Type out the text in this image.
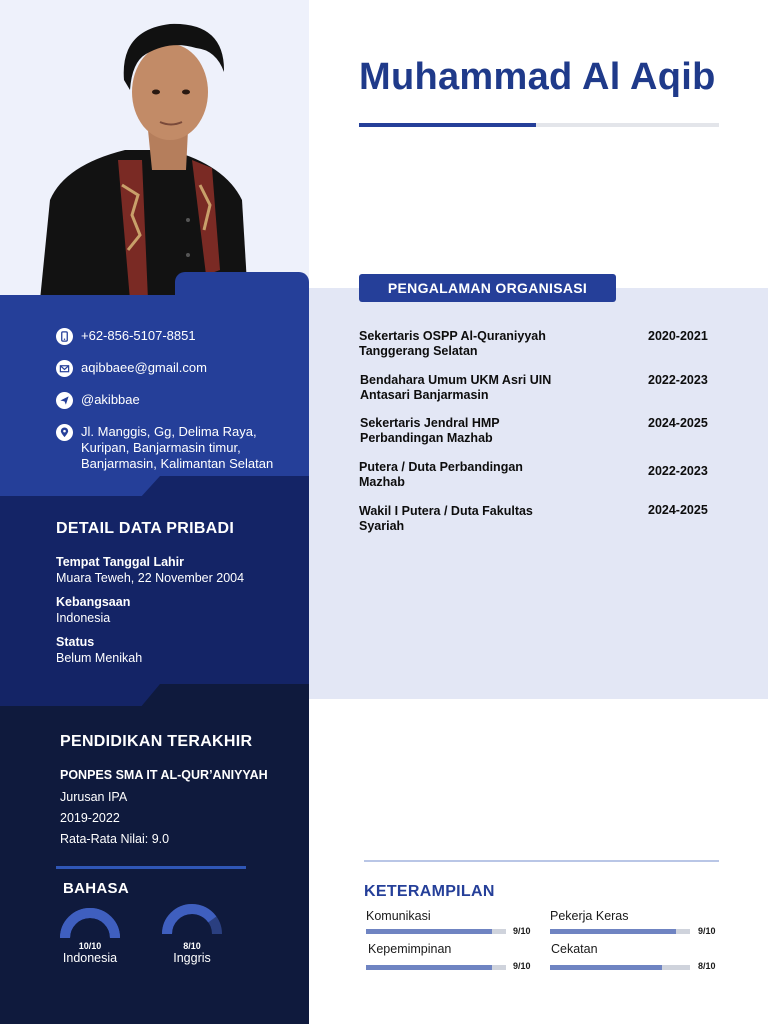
+62-856-5107-8851
aqibbaee@gmail.com
@akibbae
Jl. Manggis, Gg, Delima Raya,
Kuripan, Banjarmasin timur,
Banjarmasin, Kalimantan Selatan
DETAIL DATA PRIBADI
Tempat Tanggal Lahir
Muara Teweh, 22 November 2004
Kebangsaan
Indonesia
Status
Belum Menikah
PENDIDIKAN TERAKHIR
PONPES SMA IT AL-QUR’ANIYYAH
Jurusan IPA
2019-2022
Rata-Rata Nilai: 9.0
BAHASA
10/10
Indonesia
8/10
Inggris
Muhammad Al Aqib
PENGALAMAN ORGANISASI
Sekertaris OSPP Al-Quraniyyah Tanggerang Selatan
2020-2021
Bendahara Umum UKM Asri UIN Antasari Banjarmasin
2022-2023
Sekertaris Jendral HMP Perbandingan Mazhab
2024-2025
Putera / Duta Perbandingan Mazhab
2022-2023
Wakil I Putera / Duta Fakultas Syariah
2024-2025
KETERAMPILAN
Komunikasi
9/10
Pekerja Keras
9/10
Kepemimpinan
9/10
Cekatan
8/10
